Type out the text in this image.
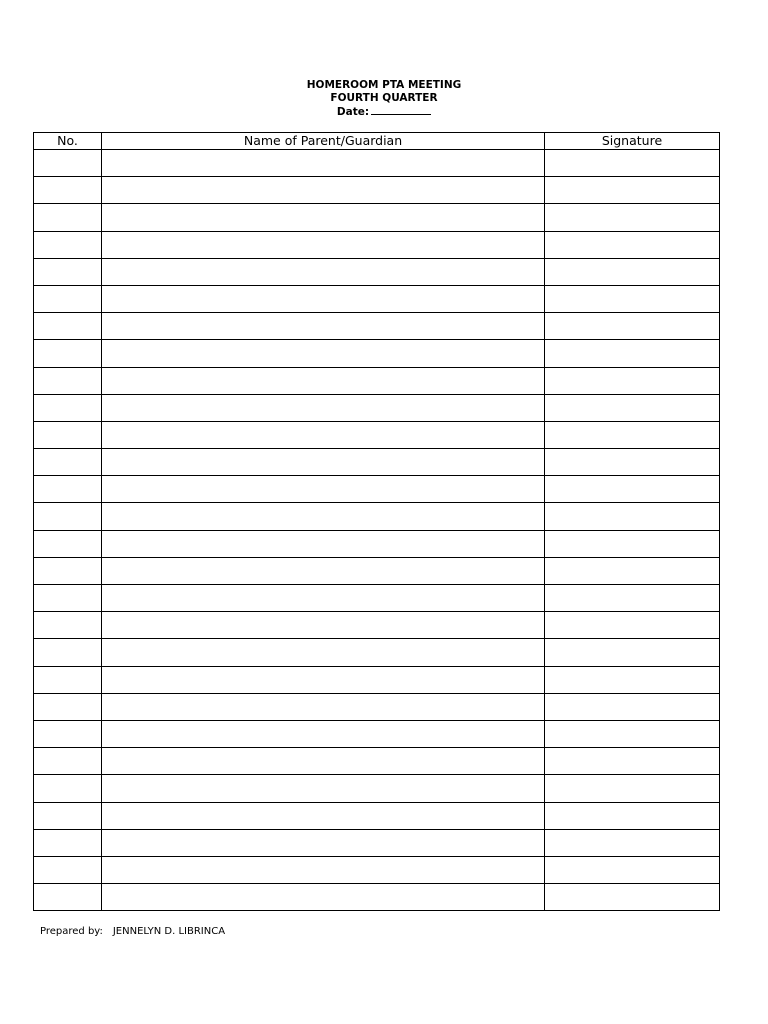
HOMEROOM PTA MEETING
FOURTH QUARTER
Date:
No.	Name of Parent/Guardian	Signature

Prepared by: JENNELYN D. LIBRINCA
